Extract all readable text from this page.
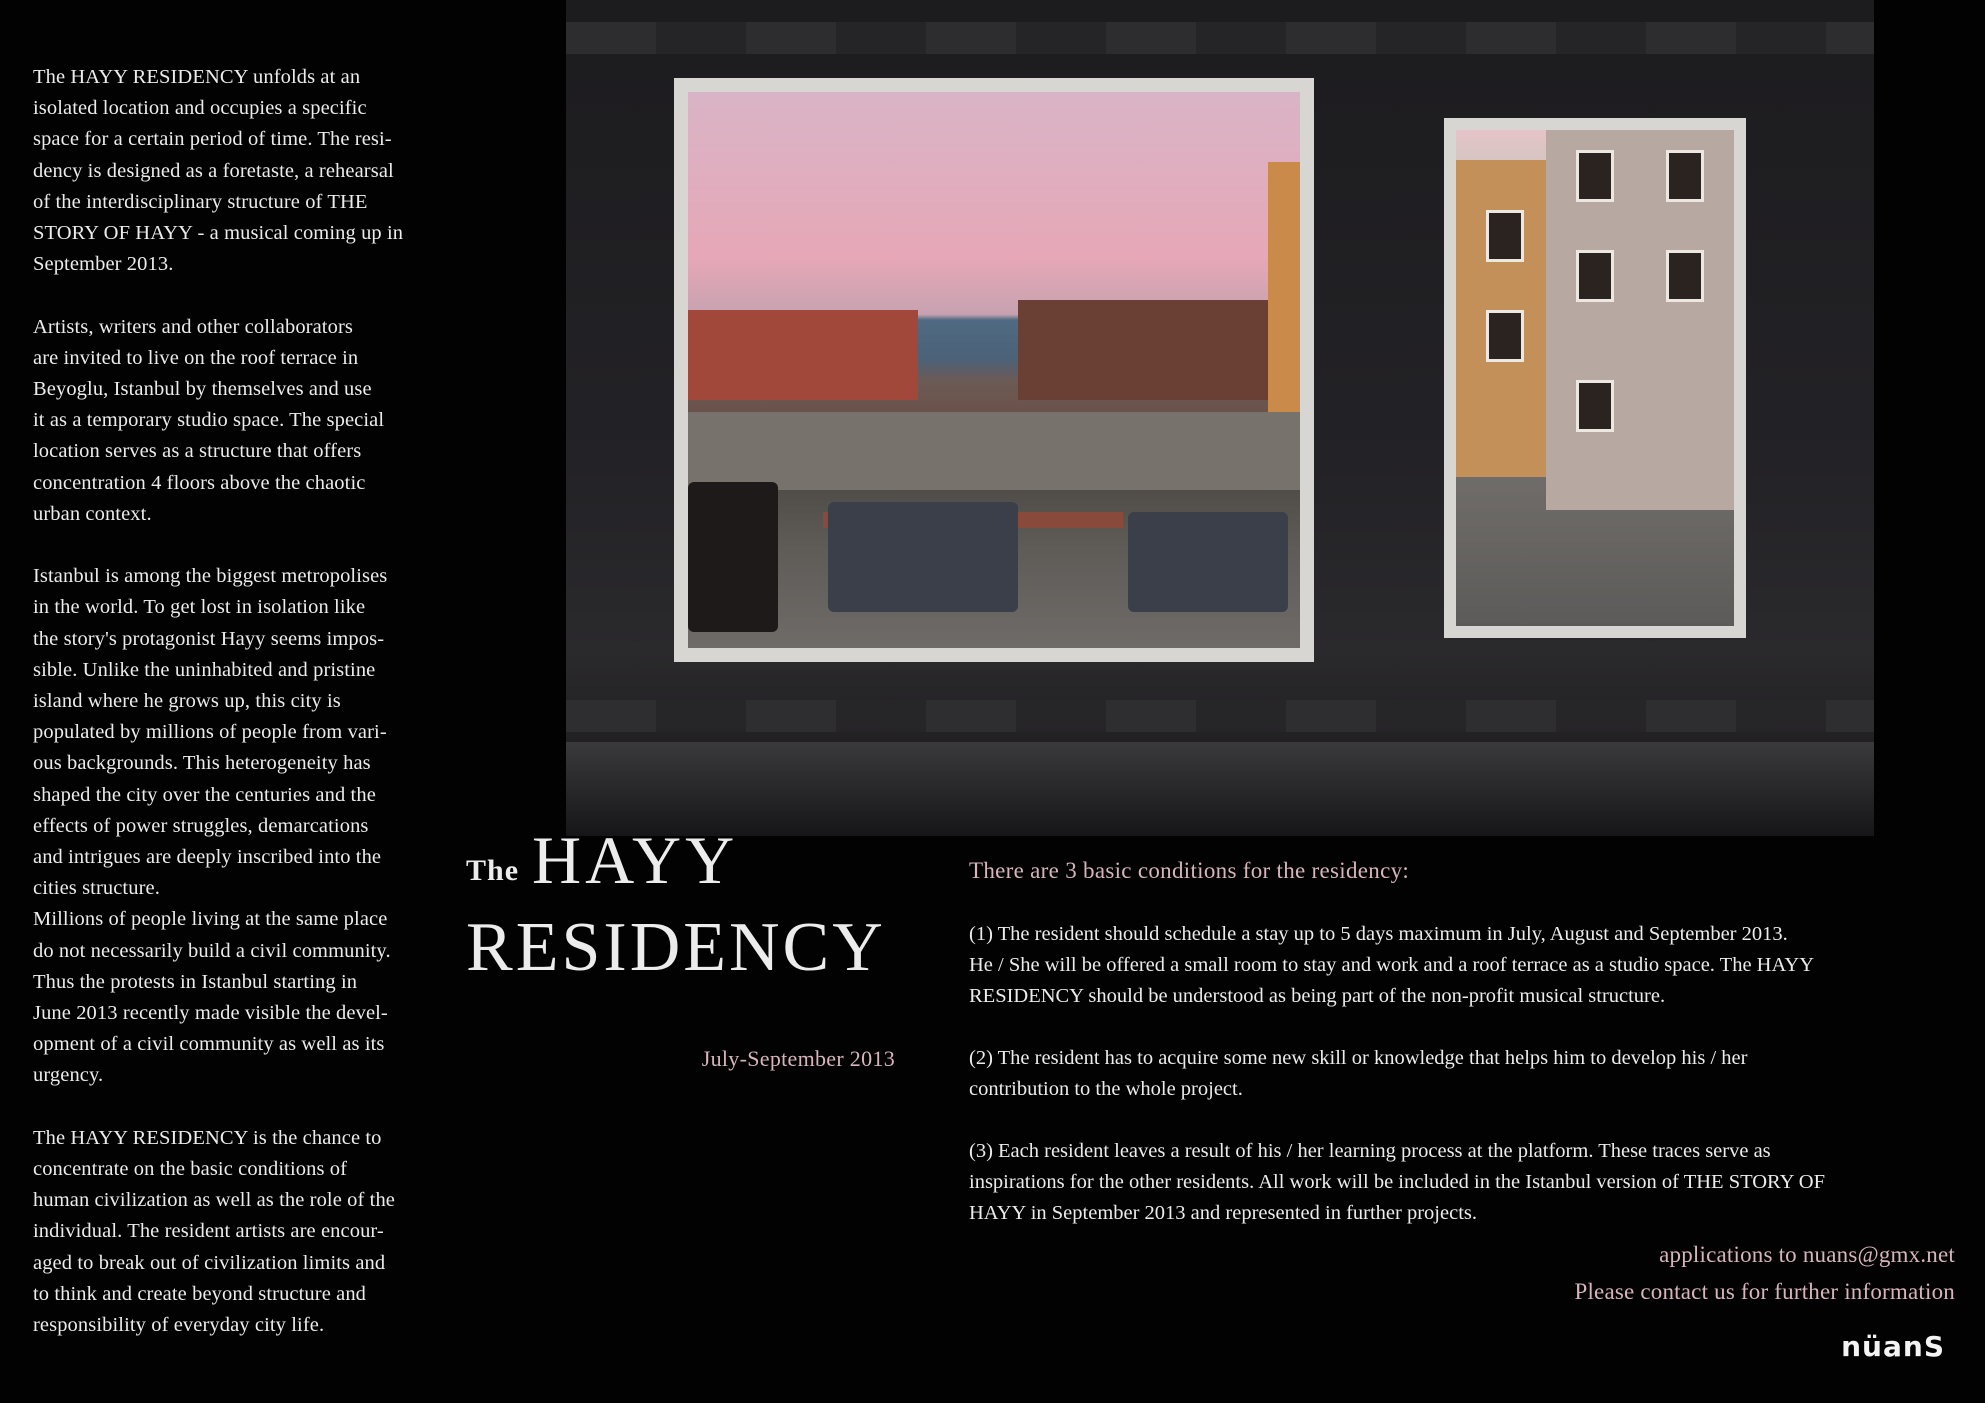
The HAYY RESIDENCY unfolds at an
isolated location and occupies a specific
space for a certain period of time. The resi-
dency is designed as a foretaste, a rehearsal
of the interdisciplinary structure of THE
STORY OF HAYY - a musical coming up in
September 2013.

Artists, writers and other collaborators
are invited to live on the roof terrace in
Beyoglu, Istanbul by themselves and use
it as a temporary studio space. The special
location serves as a structure that offers
concentration 4 floors above the chaotic
urban context.

Istanbul is among the biggest metropolises
in the world. To get lost in isolation like
the story's protagonist Hayy seems impos-
sible. Unlike the uninhabited and pristine
island where he grows up, this city is
populated by millions of people from vari-
ous backgrounds. This heterogeneity has
shaped the city over the centuries and the
effects of power struggles, demarcations
and intrigues are deeply inscribed into the
cities structure.

Millions of people living at the same place
do not necessarily build a civil community.
Thus the protests in Istanbul starting in
June 2013 recently made visible the devel-
opment of a civil community as well as its
urgency.

The HAYY RESIDENCY is the chance to
concentrate on the basic conditions of
human civilization as well as the role of the
individual. The resident artists are encour-
aged to break out of civilization limits and
to think and create beyond structure and
responsibility of everyday city life.

The HAYY
RESIDENCY
July-September 2013
There are 3 basic conditions for the residency:

(1) The resident should schedule a stay up to 5 days maximum in July, August and September 2013.
He / She will be offered a small room to stay and work and a roof terrace as a studio space. The HAYY
RESIDENCY should be understood as being part of the non-profit musical structure.

(2) The resident has to acquire some new skill or knowledge that helps him to develop his / her
contribution to the whole project.

(3) Each resident leaves a result of his / her learning process at the platform. These traces serve as
inspirations for the other residents. All work will be included in the Istanbul version of THE STORY OF
HAYY in September 2013 and represented in further projects.

applications to nuans@gmx.net
Please contact us for further information
nüanS
